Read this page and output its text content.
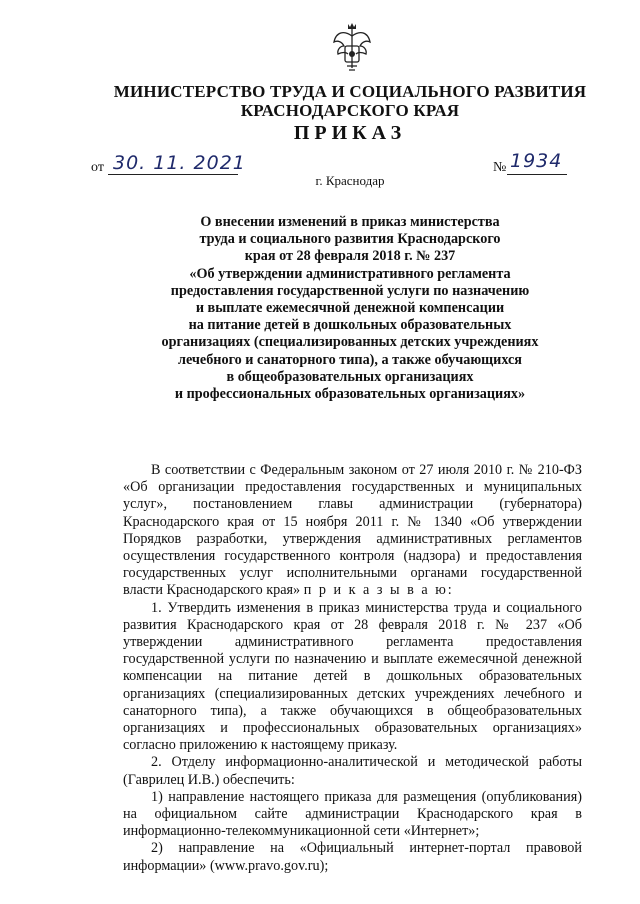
МИНИСТЕРСТВО ТРУДА И СОЦИАЛЬНОГО РАЗВИТИЯ
КРАСНОДАРСКОГО КРАЯ
ПРИКАЗ
от 30. 11. 2021	№ 1934
г. Краснодар
О внесении изменений в приказ министерства
труда и социального развития Краснодарского
края от 28 февраля 2018 г. № 237
«Об утверждении административного регламента
предоставления государственной услуги по назначению
и выплате ежемесячной денежной компенсации
на питание детей в дошкольных образовательных
организациях (специализированных детских учреждениях
лечебного и санаторного типа), а также обучающихся
в общеобразовательных организациях
и профессиональных образовательных организациях»

В соответствии с Федеральным законом от 27 июля 2010 г. № 210-ФЗ «Об организации предоставления государственных и муниципальных услуг», постановлением главы администрации (губернатора) Краснодарского края от 15 ноября 2011 г. № 1340 «Об утверждении Порядков разработки, утверждения административных регламентов осуществления государственного контроля (надзора) и предоставления государственных услуг исполнительными органами государственной власти Краснодарского края» п р и к а з ы в а ю:

1. Утвердить изменения в приказ министерства труда и социального развития Краснодарского края от 28 февраля 2018 г. № 237 «Об утверждении административного регламента предоставления государственной услуги по назначению и выплате ежемесячной денежной компенсации на питание детей в дошкольных образовательных организациях (специализированных детских учреждениях лечебного и санаторного типа), а также обучающихся в общеобразовательных организациях и профессиональных образовательных организациях» согласно приложению к настоящему приказу.

2. Отделу информационно-аналитической и методической работы (Гаврилец И.В.) обеспечить:

1) направление настоящего приказа для размещения (опубликования) на официальном сайте администрации Краснодарского края в информационно-телекоммуникационной сети «Интернет»;

2) направление на «Официальный интернет-портал правовой информации» (www.pravo.gov.ru);
